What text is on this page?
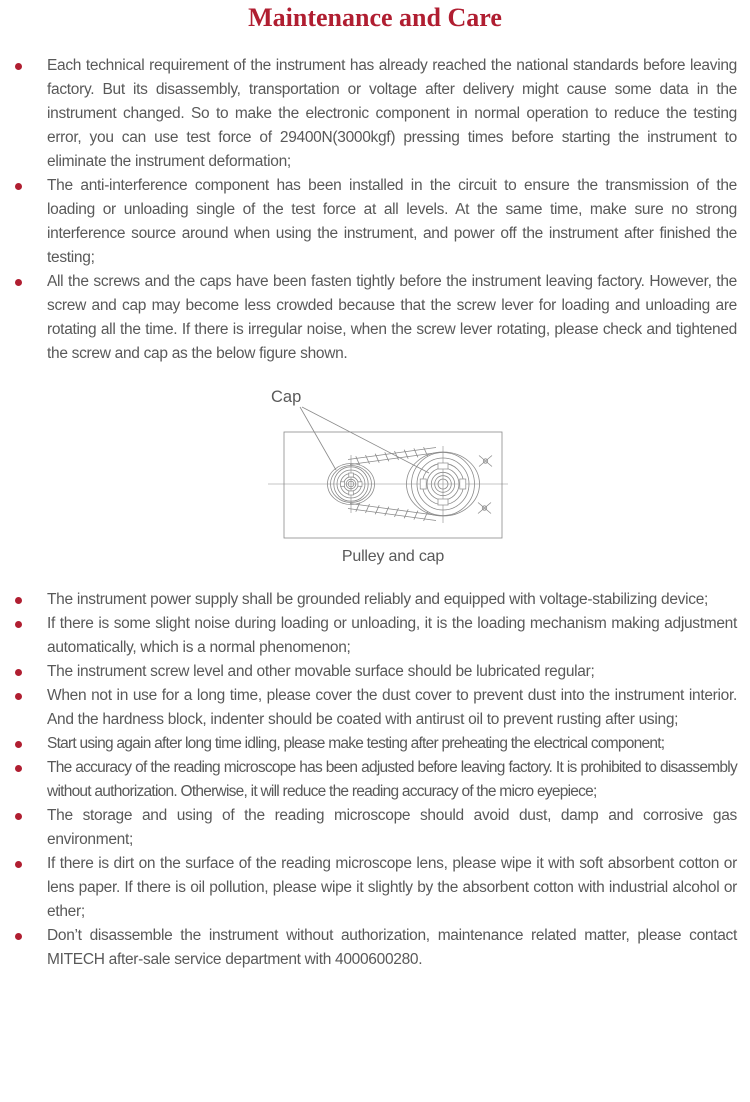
Maintenance and Care

Each technical requirement of the instrument has already reached the national standards before leaving factory. But its disassembly, transportation or voltage after delivery might cause some data in the instrument changed. So to make the electronic component in normal operation to reduce the testing error, you can use test force of 29400N(3000kgf) pressing times before starting the instrument to eliminate the instrument deformation;

The anti-interference component has been installed in the circuit to ensure the transmission of the loading or unloading single of the test force at all levels. At the same time, make sure no strong interference source around when using the instrument, and power off the instrument after finished the testing;

All the screws and the caps have been fasten tightly before the instrument leaving factory. However, the screw and cap may become less crowded because that the screw lever for loading and unloading are rotating all the time. If there is irregular noise, when the screw lever rotating, please check and tightened the screw and cap as the below figure shown.

Cap
Pulley and cap

The instrument power supply shall be grounded reliably and equipped with voltage-stabilizing device;

If there is some slight noise during loading or unloading, it is the loading mechanism making adjustment automatically, which is a normal phenomenon;

The instrument screw level and other movable surface should be lubricated regular;

When not in use for a long time, please cover the dust cover to prevent dust into the instrument interior. And the hardness block, indenter should be coated with antirust oil to prevent rusting after using;

Start using again after long time idling, please make testing after preheating the electrical component;

The accuracy of the reading microscope has been adjusted before leaving factory. It is prohibited to disassembly without authorization. Otherwise, it will reduce the reading accuracy of the micro eyepiece;

The storage and using of the reading microscope should avoid dust, damp and corrosive gas environment;

If there is dirt on the surface of the reading microscope lens, please wipe it with soft absorbent cotton or lens paper. If there is oil pollution, please wipe it slightly by the absorbent cotton with industrial alcohol or ether;

Don’t disassemble the instrument without authorization, maintenance related matter, please contact MITECH after-sale service department with 4000600280.
